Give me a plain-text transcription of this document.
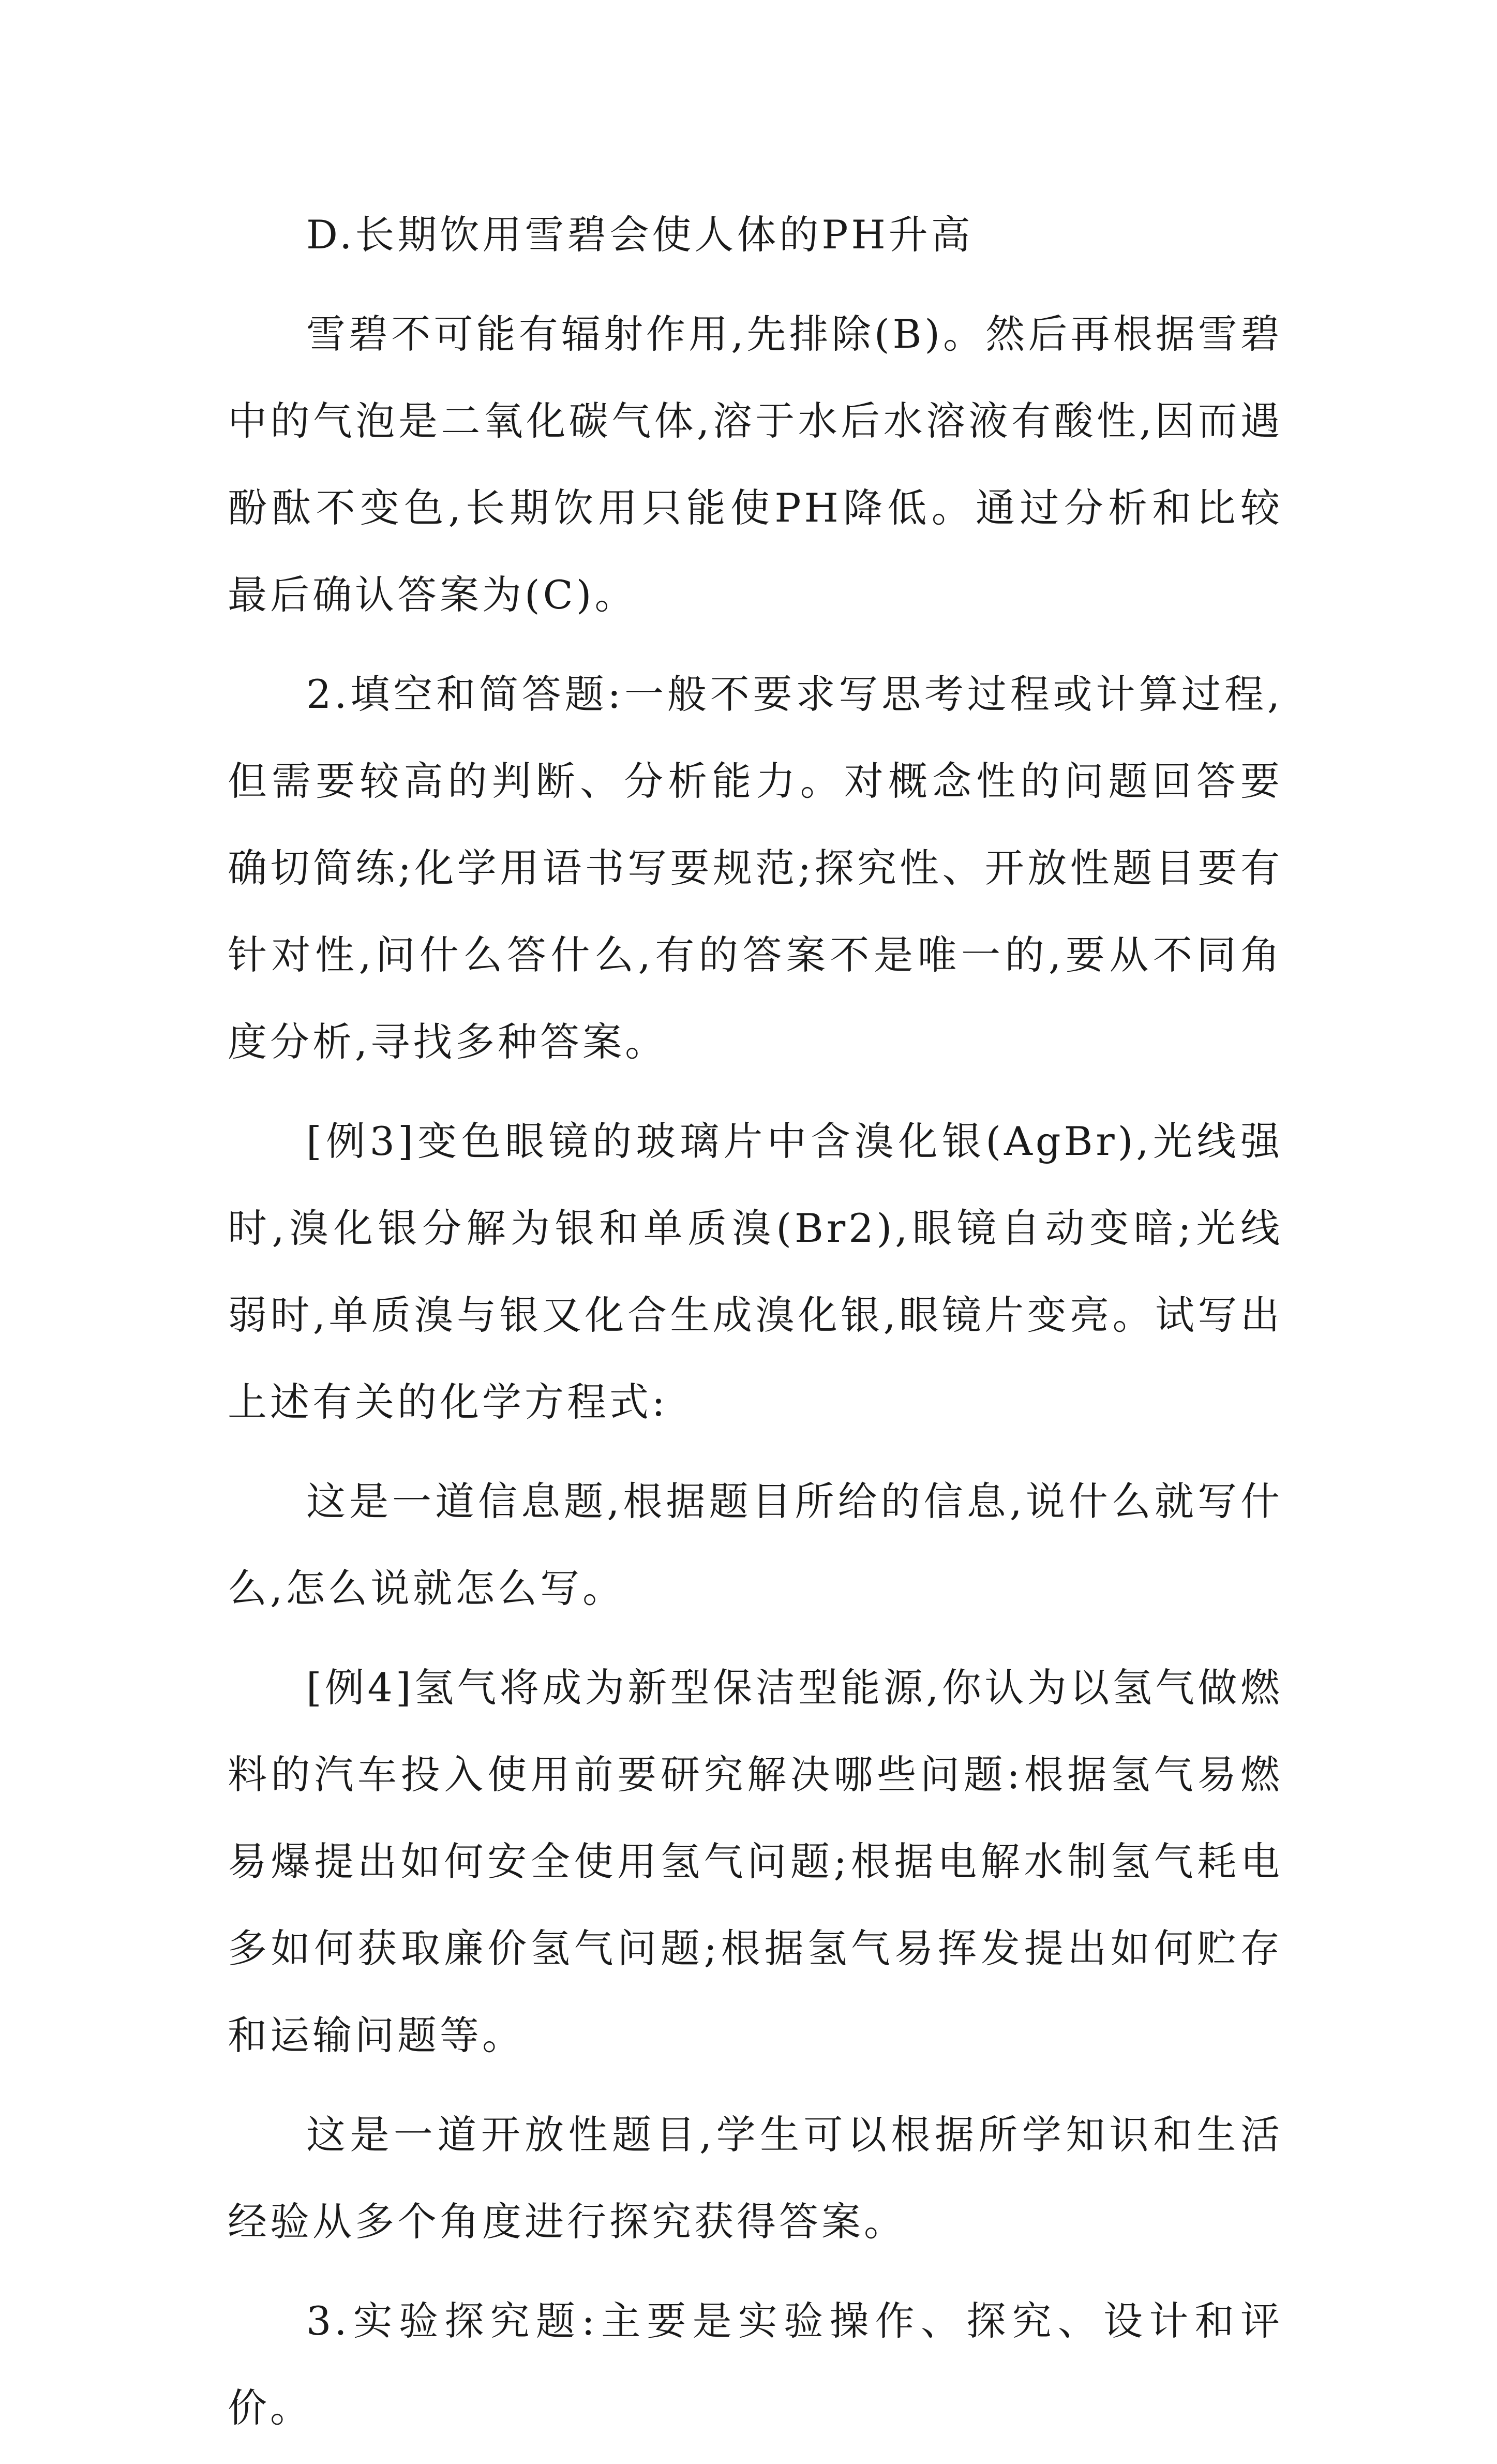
D.长期饮用雪碧会使人体的PH升高

雪碧不可能有辐射作用,先排除(B)。然后再根据雪碧中的气泡是二氧化碳气体,溶于水后水溶液有酸性,因而遇酚酞不变色,长期饮用只能使PH降低。通过分析和比较最后确认答案为(C)。

2.填空和简答题:一般不要求写思考过程或计算过程,但需要较高的判断、分析能力。对概念性的问题回答要确切简练;化学用语书写要规范;探究性、开放性题目要有针对性,问什么答什么,有的答案不是唯一的,要从不同角度分析,寻找多种答案。

[例3]变色眼镜的玻璃片中含溴化银(AgBr),光线强时,溴化银分解为银和单质溴(Br2),眼镜自动变暗;光线弱时,单质溴与银又化合生成溴化银,眼镜片变亮。试写出上述有关的化学方程式:

这是一道信息题,根据题目所给的信息,说什么就写什么,怎么说就怎么写。

[例4]氢气将成为新型保洁型能源,你认为以氢气做燃料的汽车投入使用前要研究解决哪些问题:根据氢气易燃易爆提出如何安全使用氢气问题;根据电解水制氢气耗电多如何获取廉价氢气问题;根据氢气易挥发提出如何贮存和运输问题等。

这是一道开放性题目,学生可以根据所学知识和生活经验从多个角度进行探究获得答案。

3.实验探究题:主要是实验操作、探究、设计和评价。
